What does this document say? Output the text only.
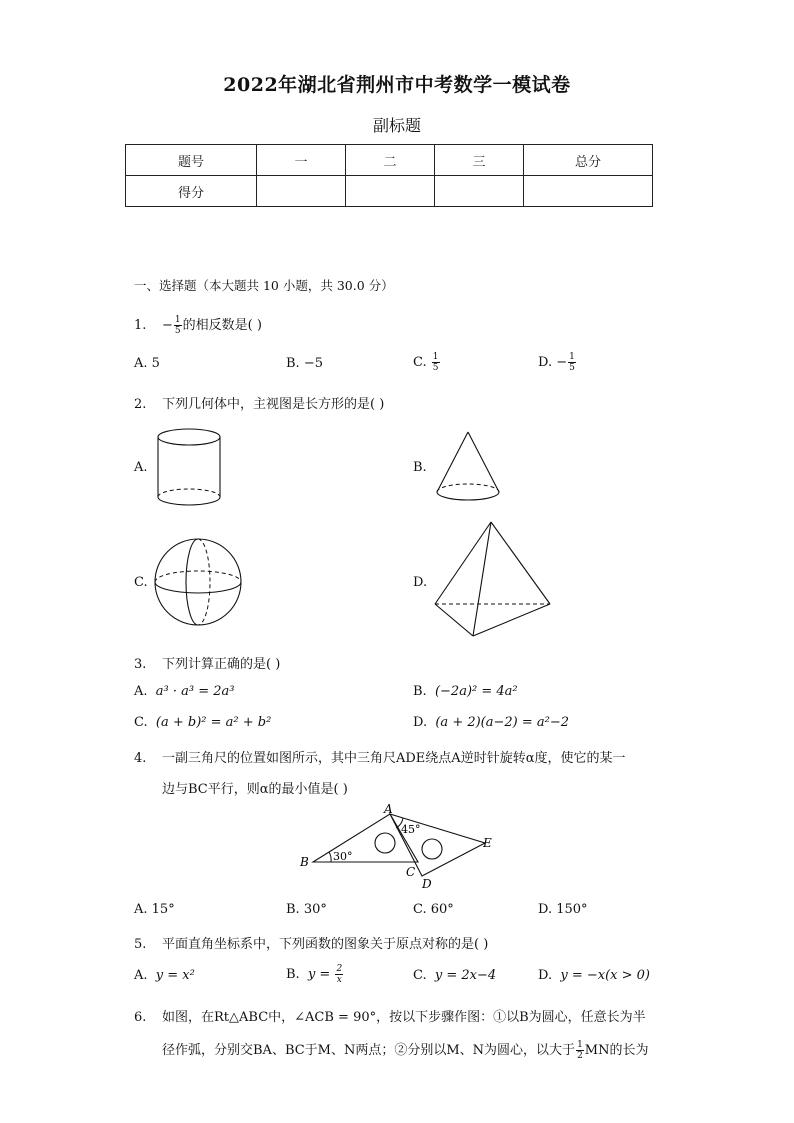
2022年湖北省荆州市中考数学一模试卷
副标题
题号	一	二	三	总分
得分				
一、选择题（本大题共 10 小题，共 30.0 分）
1. − $\frac{1}{5}$ 的相反数是( )
A. 5	B. −5	C. $\frac{1}{5}$	D. − $\frac{1}{5}$
2. 下列几何体中，主视图是长方形的是( )
A.	B.
C.	D.
3. 下列计算正确的是( )
A. a³ · a³ = 2a³	B. (−2a)² = 4a²
C. (a + b)² = a² + b²	D. (a + 2)(a−2) = a²−2
4. 一副三角尺的位置如图所示，其中三角尺ADE绕点A逆时针旋转α度，使它的某一
边与BC平行，则α的最小值是( )
A
B
C
D
E
30°
45°
A. 15°	B. 30°	C. 60°	D. 150°
5. 平面直角坐标系中，下列函数的图象关于原点对称的是( )
A. y = x²	B. $y = \frac{2}{x}$	C. y = 2x−4	D. y = −x(x > 0)
6. 如图，在Rt△ABC中，∠ACB = 90°，按以下步骤作图：①以B为圆心，任意长为半
径作弧，分别交BA、BC于M、N两点；②分别以M、N为圆心，以大于 $\frac{1}{2}$ MN的长为
